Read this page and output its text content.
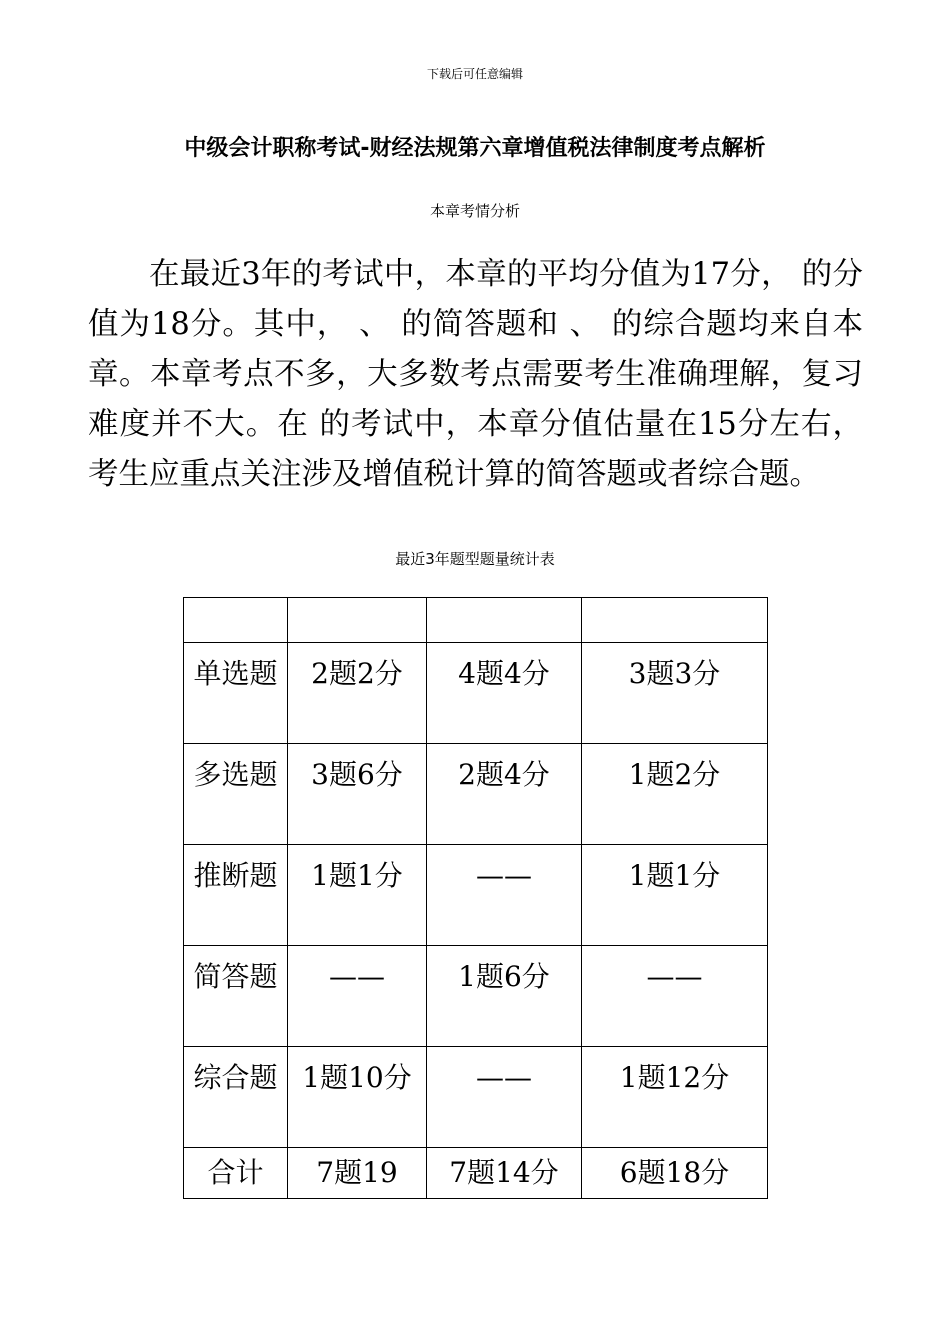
下载后可任意编辑
中级会计职称考试-财经法规第六章增值税法律制度考点解析
本章考情分析

在最近3年的考试中，本章的平均分值为17分， 的分值为18分。其中， 、 的简答题和 、 的综合题均来自本章。本章考点不多，大多数考点需要考生准确理解，复习难度并不大。在 的考试中，本章分值估量在15分左右，考生应重点关注涉及增值税计算的简答题或者综合题。

最近3年题型题量统计表

单选题	2题2分	4题4分	3题3分
多选题	3题6分	2题4分	1题2分
推断题	1题1分	——	1题1分
简答题	——	1题6分	——
综合题	1题10分	——	1题12分
合计	7题19	7题14分	6题18分
